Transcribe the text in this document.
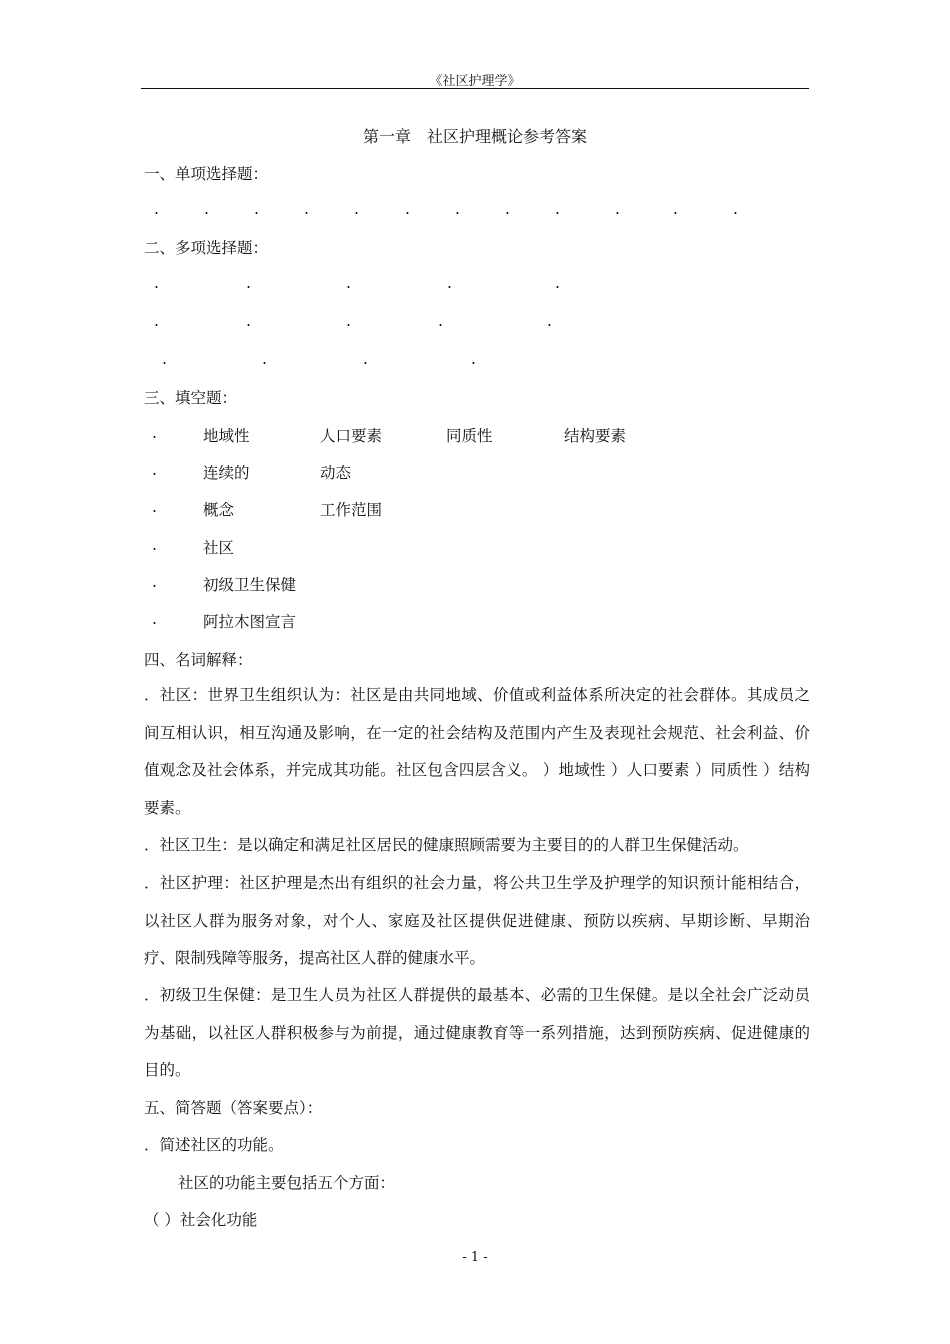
《社区护理学》
第一章　社区护理概论参考答案
一、单项选择题：
.	.	.	.	.	.	.	.	.	.	.	.
二、多项选择题：
.	.	.	.	.
.	.	.	.	.
.	.	.	.
三、填空题：
.	地域性	人口要素	同质性	结构要素
.	连续的	动态
.	概念	工作范围
.	社区
.	初级卫生保健
.	阿拉木图宣言
四、名词解释：
．社区：世界卫生组织认为：社区是由共同地域、价值或利益体系所决定的社会群体。其成员之间互相认识，相互沟通及影响，在一定的社会结构及范围内产生及表现社会规范、社会利益、价值观念及社会体系，并完成其功能。社区包含四层含义。 ）地域性 ）人口要素 ）同质性 ）结构要素。
．社区卫生：是以确定和满足社区居民的健康照顾需要为主要目的的人群卫生保健活动。
．社区护理：社区护理是杰出有组织的社会力量，将公共卫生学及护理学的知识预计能相结合，以社区人群为服务对象，对个人、家庭及社区提供促进健康、预防以疾病、早期诊断、早期治疗、限制残障等服务，提高社区人群的健康水平。
．初级卫生保健：是卫生人员为社区人群提供的最基本、必需的卫生保健。是以全社会广泛动员为基础，以社区人群积极参与为前提，通过健康教育等一系列措施，达到预防疾病、促进健康的目的。
五、简答题（答案要点）：
．简述社区的功能。
社区的功能主要包括五个方面：
（ ）社会化功能
- 1 -
